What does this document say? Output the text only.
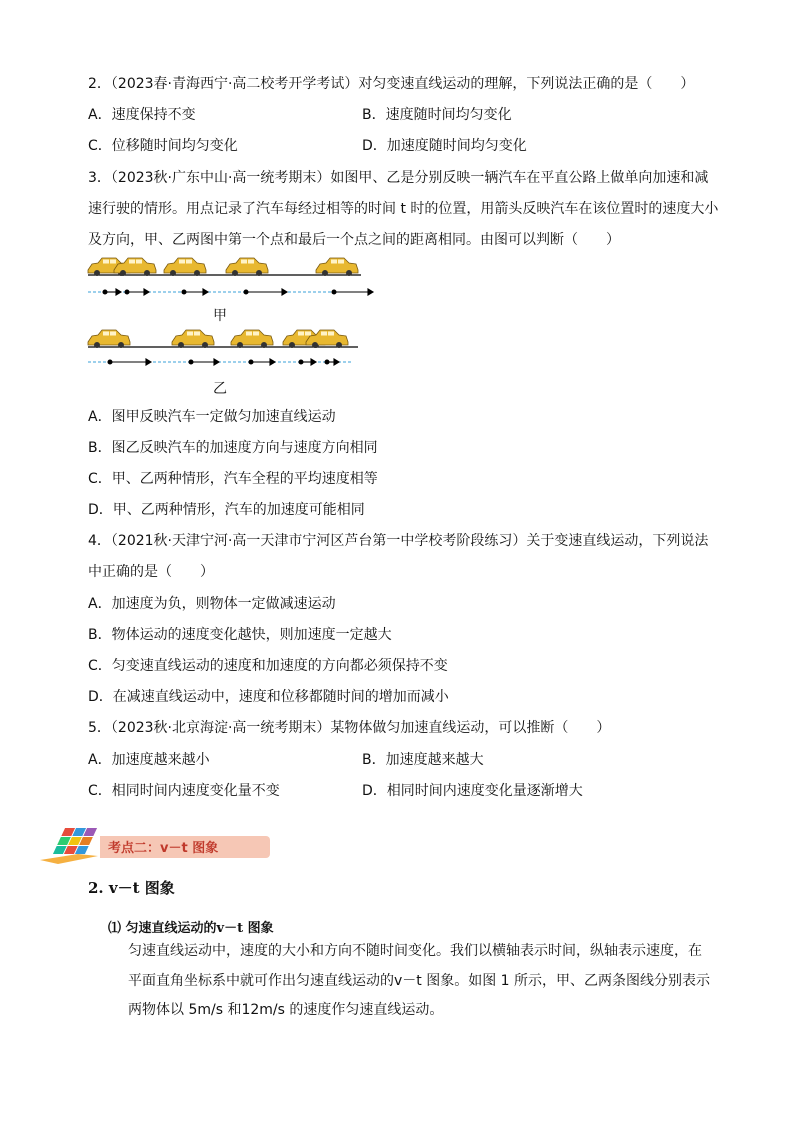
2．（2023春·青海西宁·高二校考开学考试）对匀变速直线运动的理解，下列说法正确的是（　　）
A．速度保持不变	B．速度随时间均匀变化
C．位移随时间均匀变化	D．加速度随时间均匀变化
3．（2023秋·广东中山·高一统考期末）如图甲、乙是分别反映一辆汽车在平直公路上做单向加速和减
速行驶的情形。用点记录了汽车每经过相等的时间 t 时的位置，用箭头反映汽车在该位置时的速度大小
及方向，甲、乙两图中第一个点和最后一个点之间的距离相同。由图可以判断（　　）
甲
乙
A．图甲反映汽车一定做匀加速直线运动
B．图乙反映汽车的加速度方向与速度方向相同
C．甲、乙两种情形，汽车全程的平均速度相等
D．甲、乙两种情形，汽车的加速度可能相同
4．（2021秋·天津宁河·高一天津市宁河区芦台第一中学校考阶段练习）关于变速直线运动，下列说法
中正确的是（　　）
A．加速度为负，则物体一定做减速运动
B．物体运动的速度变化越快，则加速度一定越大
C．匀变速直线运动的速度和加速度的方向都必须保持不变
D．在减速直线运动中，速度和位移都随时间的增加而减小
5．（2023秋·北京海淀·高一统考期末）某物体做匀加速直线运动，可以推断（　　）
A．加速度越来越小	B．加速度越来越大
C．相同时间内速度变化量不变	D．相同时间内速度变化量逐渐增大
考点二：v－t 图象
2. v－t 图象
⑴ 匀速直线运动的v－t 图象
匀速直线运动中，速度的大小和方向不随时间变化。我们以横轴表示时间，纵轴表示速度，在
平面直角坐标系中就可作出匀速直线运动的v－t 图象。如图 1 所示，甲、乙两条图线分别表示
两物体以 5m/s 和12m/s 的速度作匀速直线运动。
